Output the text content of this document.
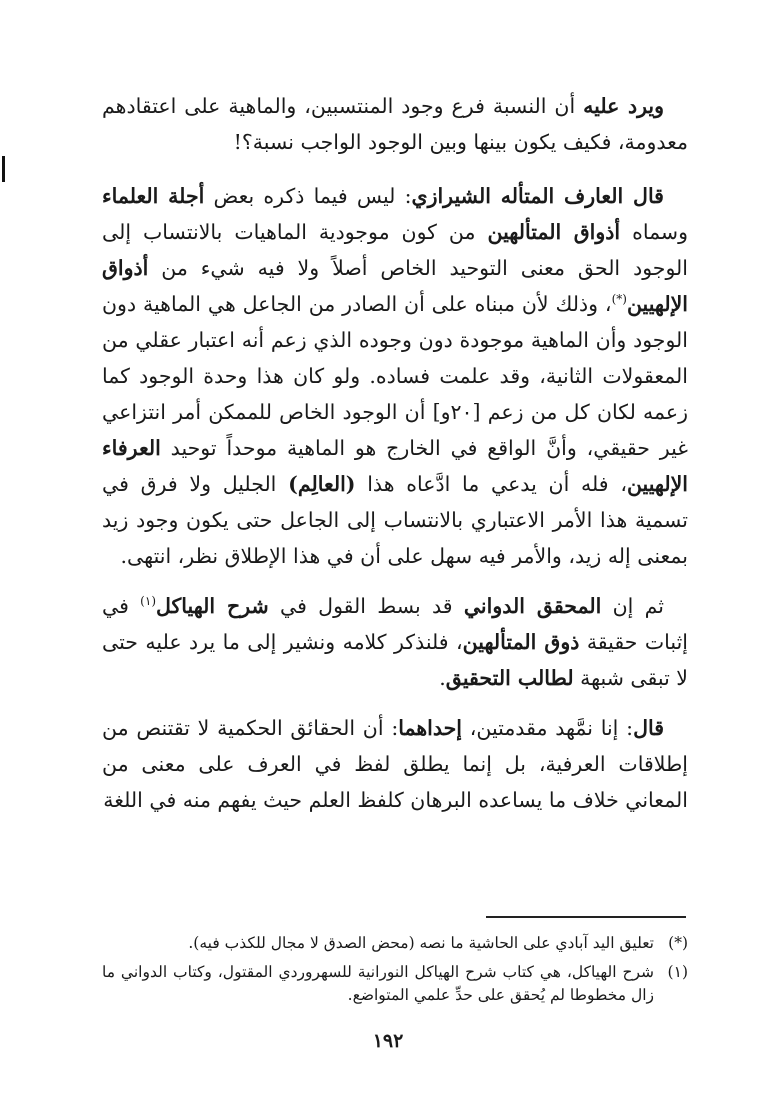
ويرد عليه أن النسبة فرع وجود المنتسبين، والماهية على اعتقادهم معدومة، فكيف يكون بينها وبين الوجود الواجب نسبة؟!

قال العارف المتأله الشيرازي: ليس فيما ذكره بعض أجلة العلماء وسماه أذواق المتألهين من كون موجودية الماهيات بالانتساب إلى الوجود الحق معنى التوحيد الخاص أصلاً ولا فيه شيء من أذواق الإلهيين(*)، وذلك لأن مبناه على أن الصادر من الجاعل هي الماهية دون الوجود وأن الماهية موجودة دون وجوده الذي زعم أنه اعتبار عقلي من المعقولات الثانية، وقد علمت فساده. ولو كان هذا وحدة الوجود كما زعمه لكان كل من زعم [٢٠و] أن الوجود الخاص للممكن أمر انتزاعي غير حقيقي، وأنَّ الواقع في الخارج هو الماهية موحداً توحيد العرفاء الإلهيين، فله أن يدعي ما ادَّعاه هذا (العالِم) الجليل ولا فرق في تسمية هذا الأمر الاعتباري بالانتساب إلى الجاعل حتى يكون وجود زيد بمعنى إله زيد، والأمر فيه سهل على أن في هذا الإطلاق نظر، انتهى.

ثم إن المحقق الدواني قد بسط القول في شرح الهياكل$^{(١)}$ في إثبات حقيقة ذوق المتألهين، فلنذكر كلامه ونشير إلى ما يرد عليه حتى لا تبقى شبهة لطالب التحقيق.

قال: إنا نمَّهد مقدمتين، إحداهما: أن الحقائق الحكمية لا تقتنص من إطلاقات العرفية، بل إنما يطلق لفظ في العرف على معنى من المعاني خلاف ما يساعده البرهان كلفظ العلم حيث يفهم منه في اللغة

(*)
تعليق اليد آبادي على الحاشية ما نصه (محض الصدق لا مجال للكذب فيه).
(١)
شرح الهياكل، هي كتاب شرح الهياكل النورانية للسهروردي المقتول، وكتاب الدواني ما زال مخطوطا لم يُحقق على حدِّ علمي المتواضع.
١٩٢
